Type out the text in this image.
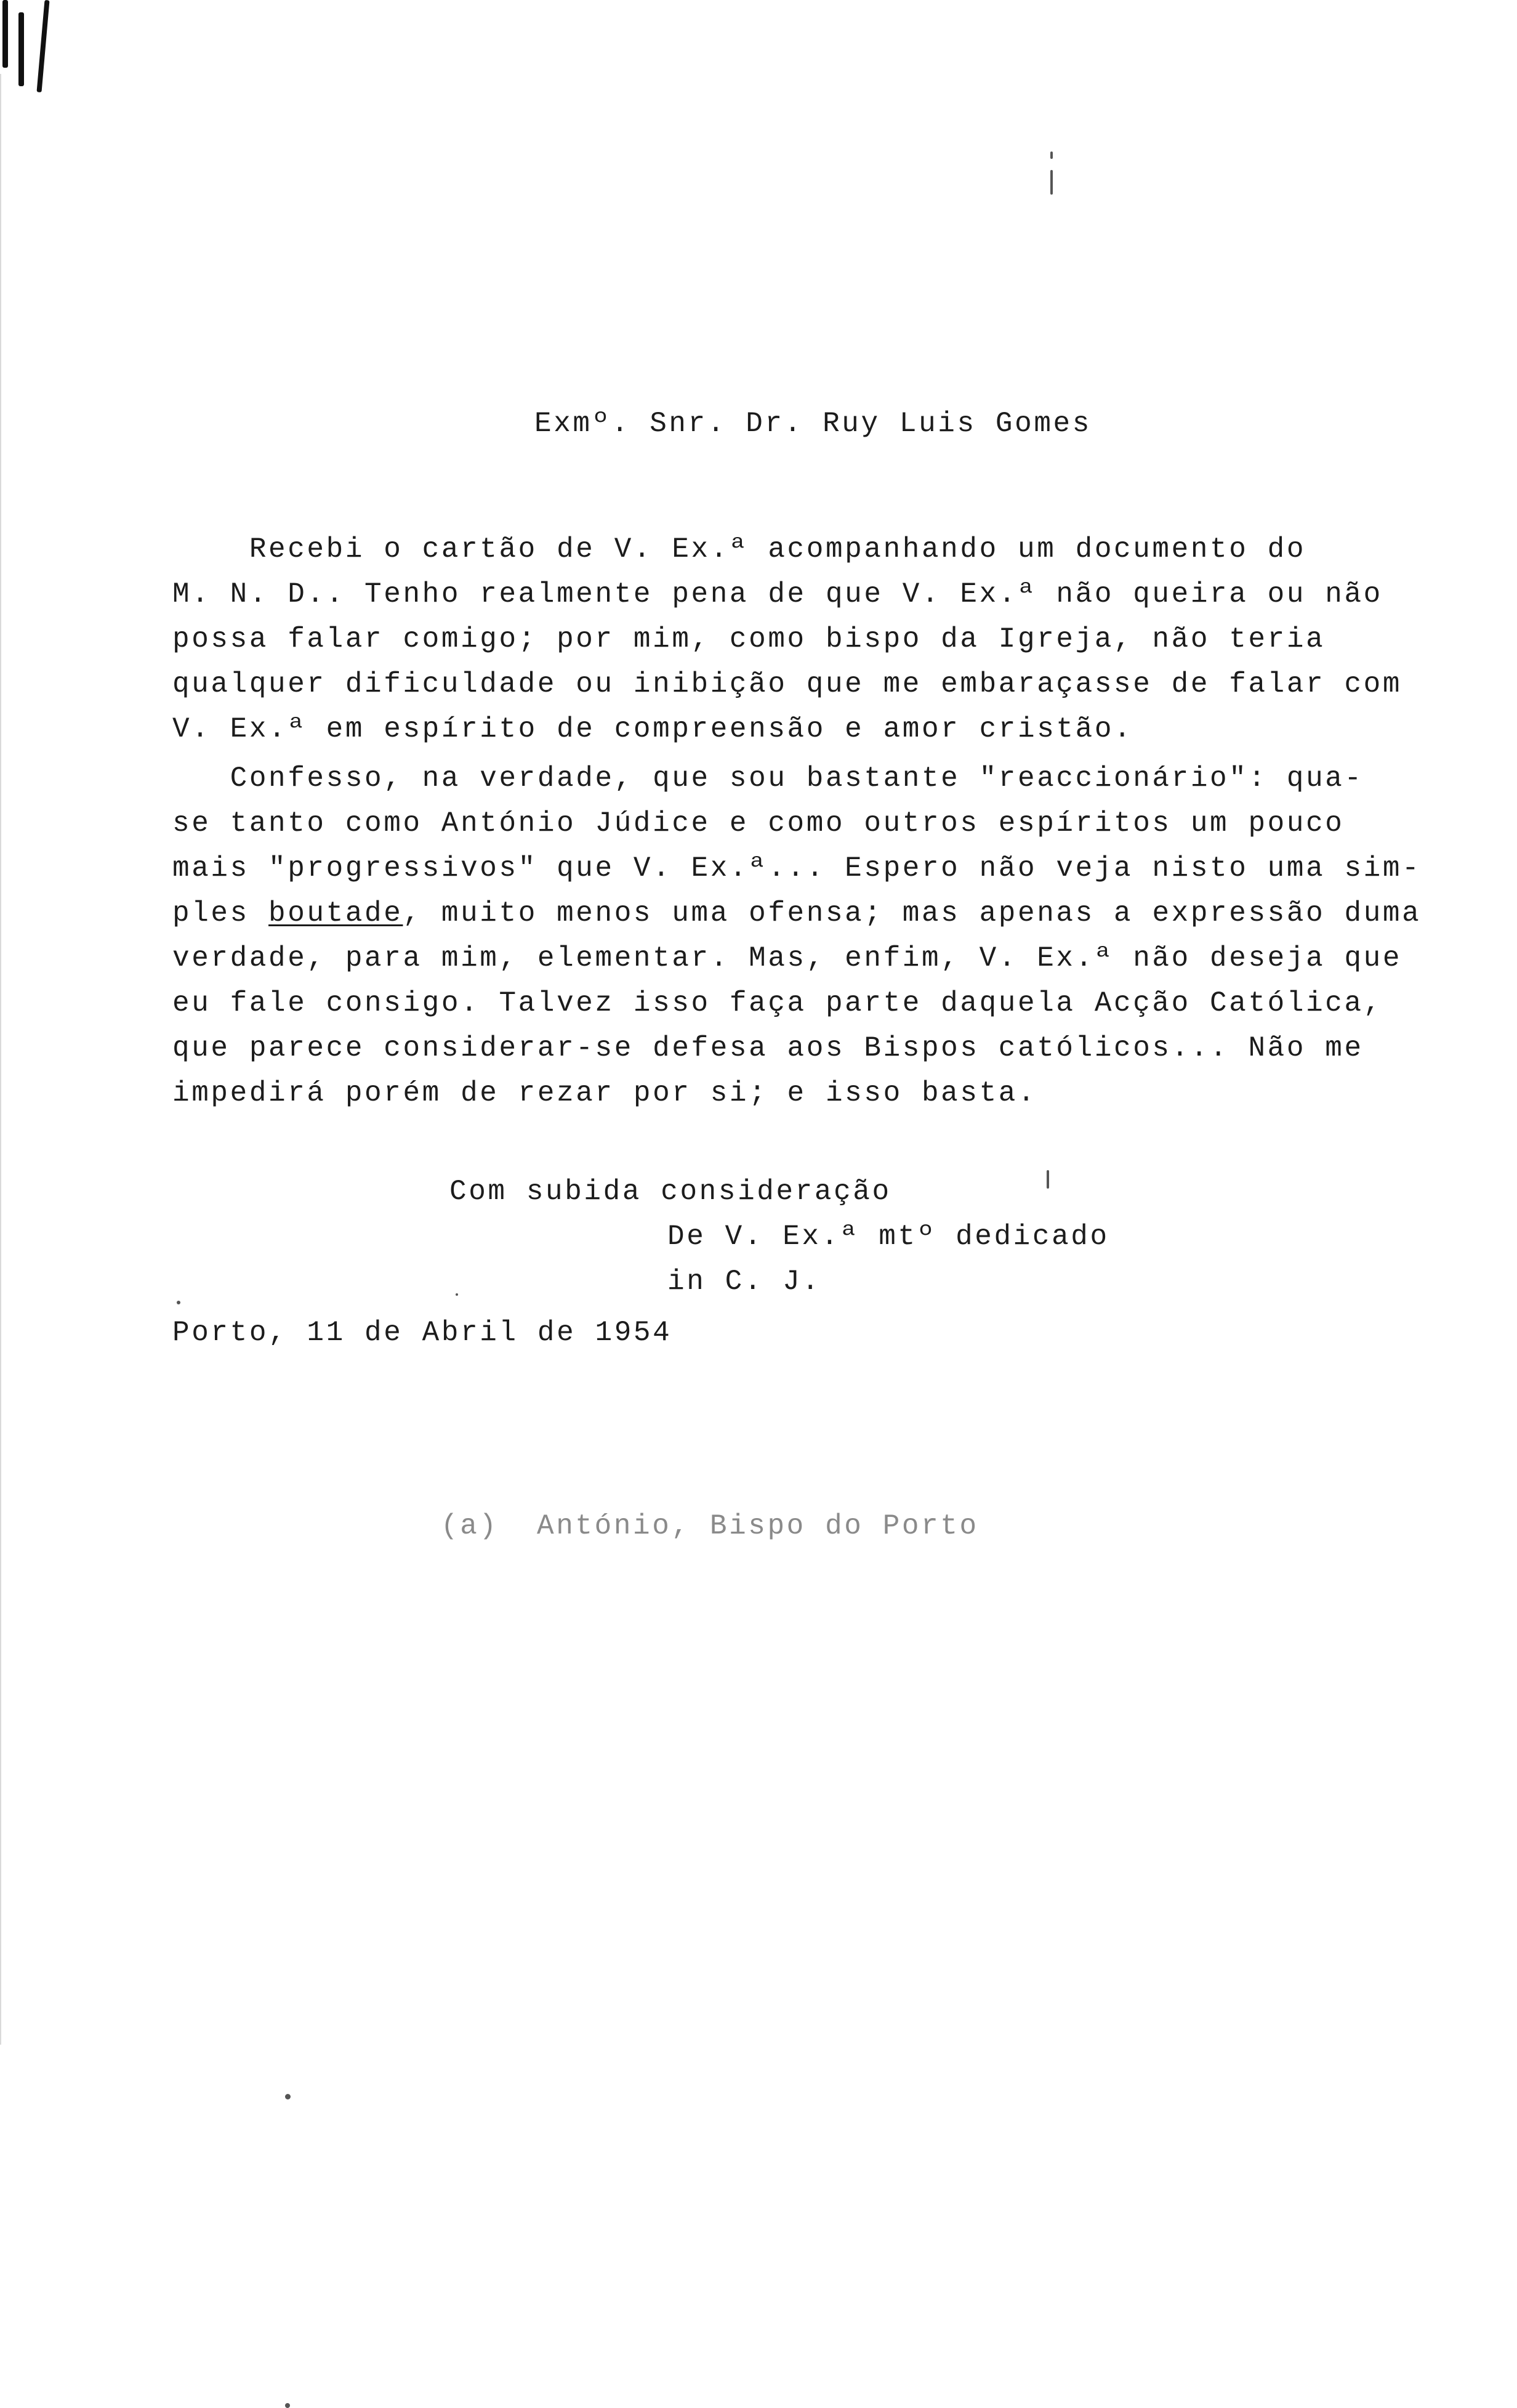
Exmº. Snr. Dr. Ruy Luis Gomes
Recebi o cartão de V. Ex.ª acompanhando um documento do
M. N. D.. Tenho realmente pena de que V. Ex.ª não queira ou não
possa falar comigo; por mim, como bispo da Igreja, não teria
qualquer dificuldade ou inibição que me embaraçasse de falar com
V. Ex.ª em espírito de compreensão e amor cristão.
Confesso, na verdade, que sou bastante "reaccionário": qua-
se tanto como António Júdice e como outros espíritos um pouco
mais "progressivos" que V. Ex.ª... Espero não veja nisto uma sim-
ples boutade, muito menos uma ofensa; mas apenas a expressão duma
verdade, para mim, elementar. Mas, enfim, V. Ex.ª não deseja que
eu fale consigo. Talvez isso faça parte daquela Acção Católica,
que parece considerar-se defesa aos Bispos católicos... Não me
impedirá porém de rezar por si; e isso basta.
Com subida consideração
De V. Ex.ª mtº dedicado
in C. J.
Porto, 11 de Abril de 1954
(a)  António, Bispo do Porto
